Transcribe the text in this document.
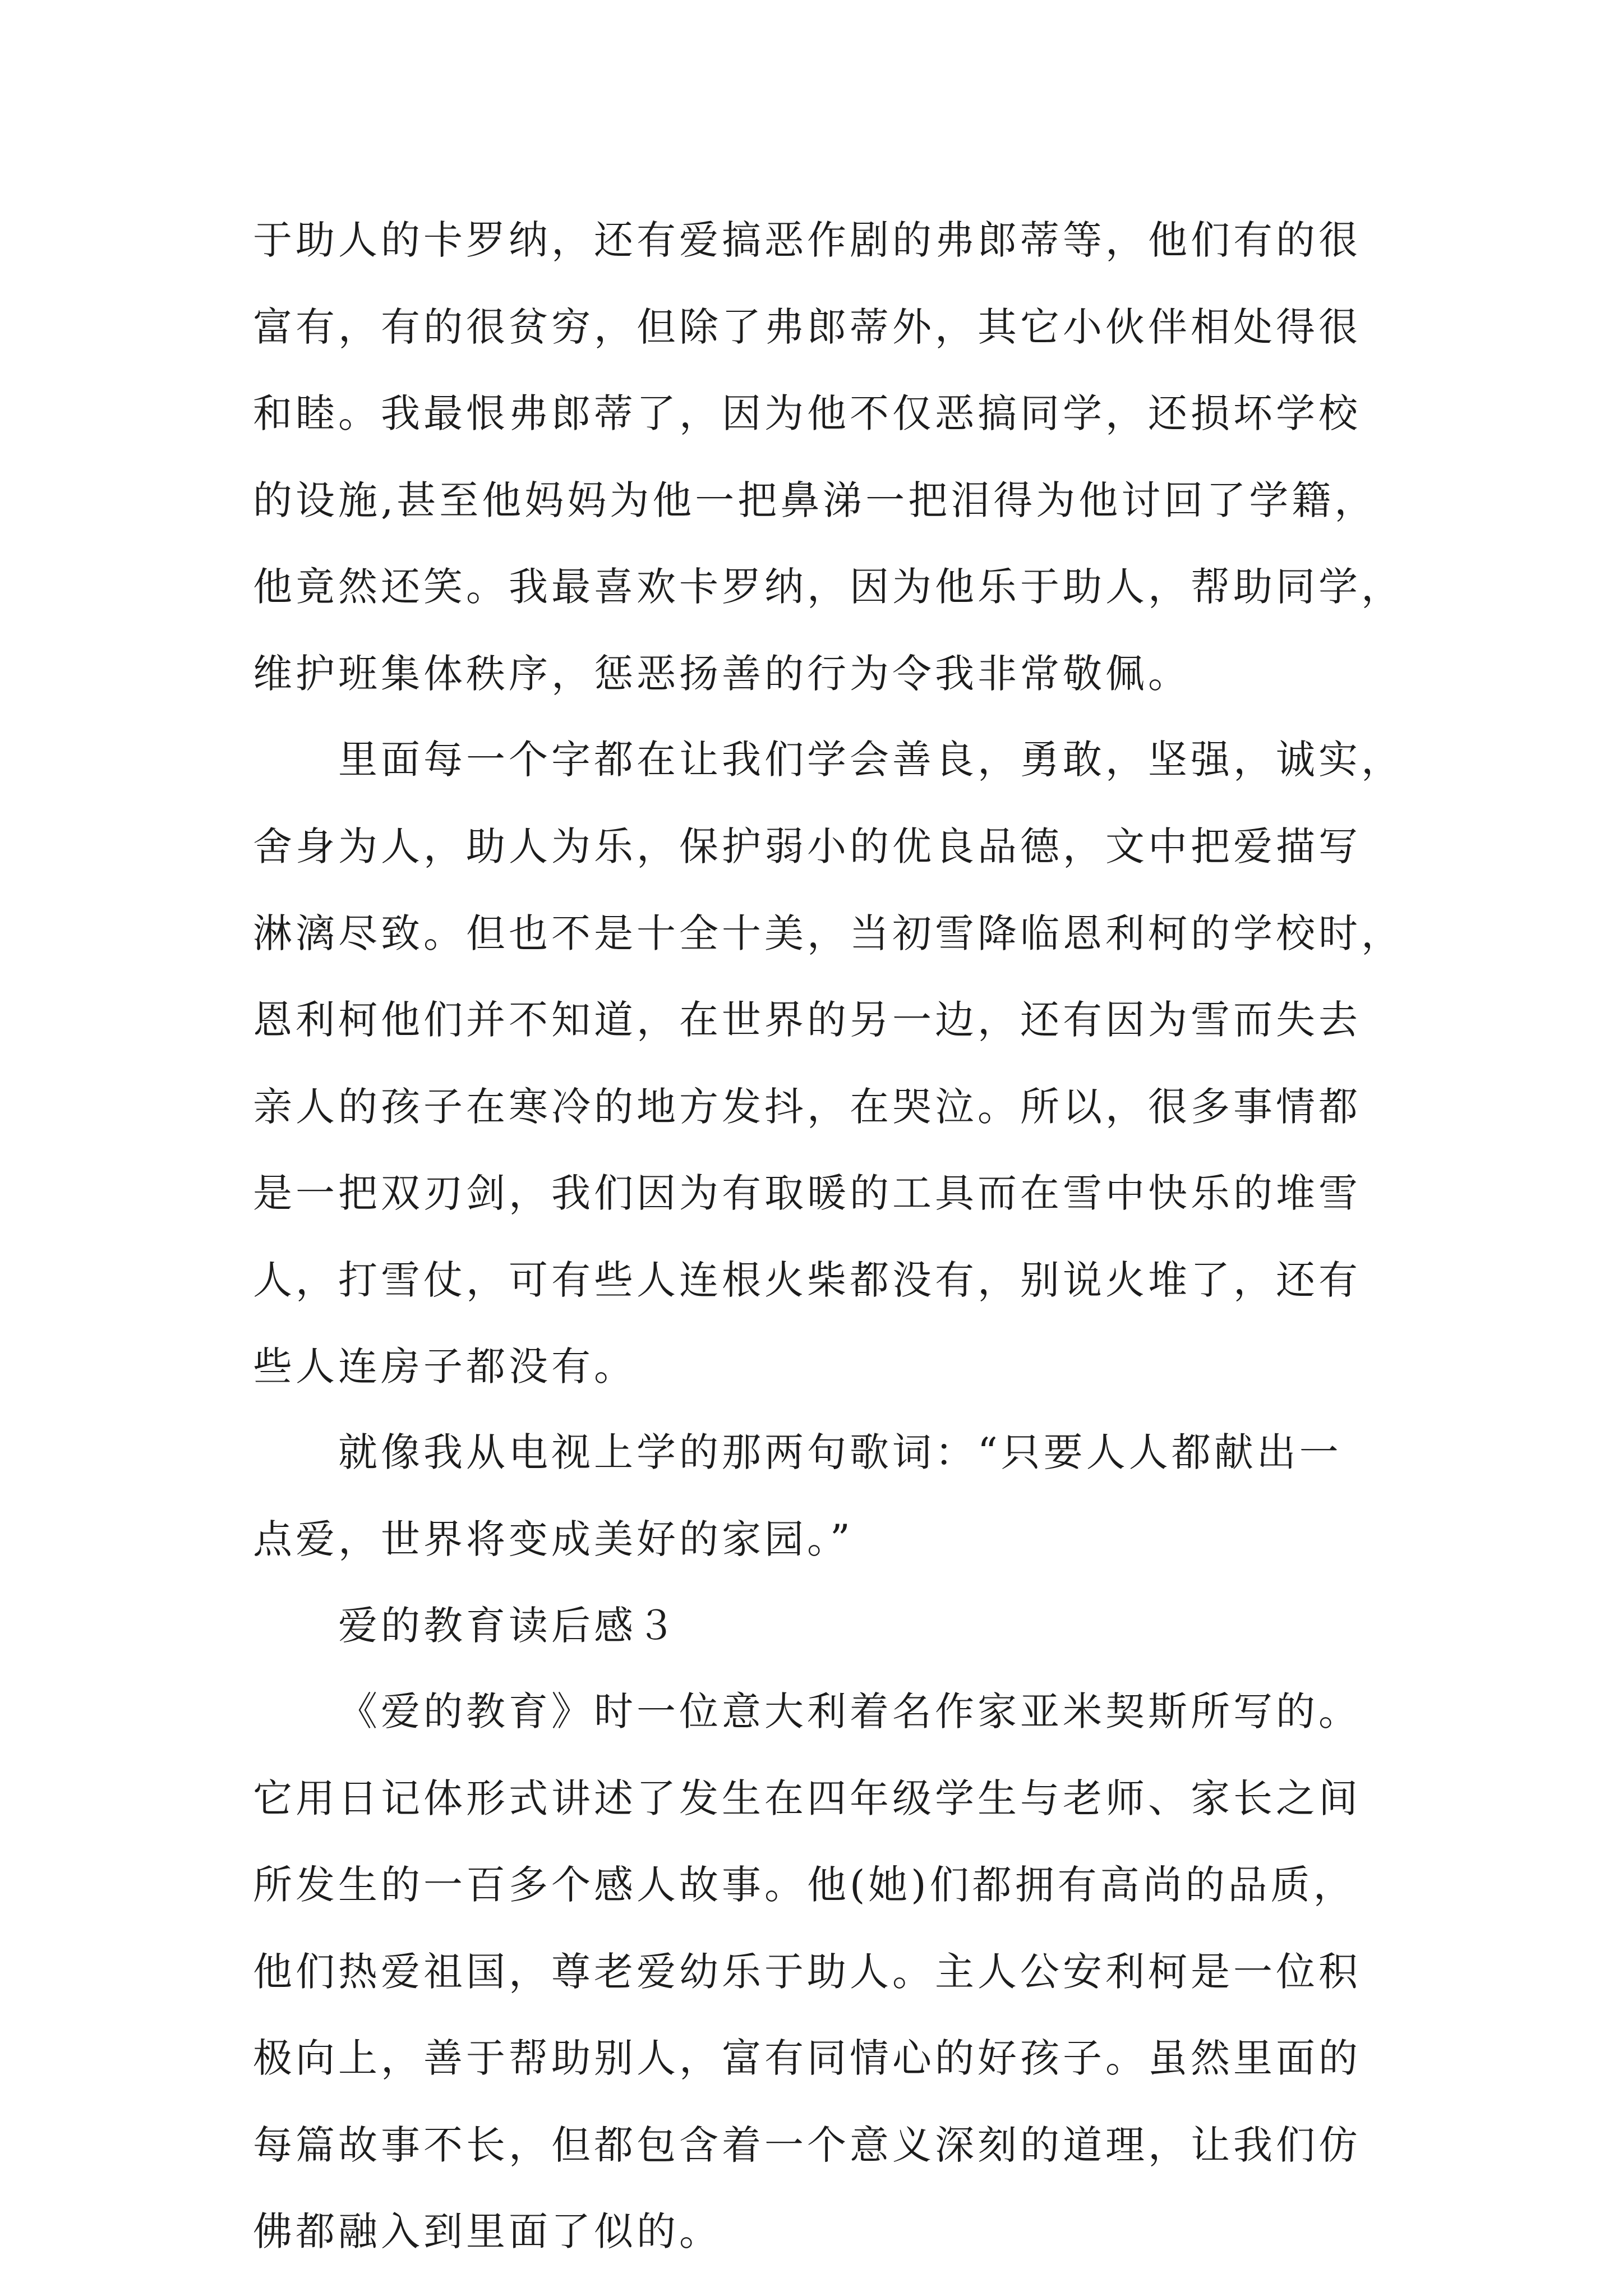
于助人的卡罗纳，还有爱搞恶作剧的弗郎蒂等，他们有的很
富有，有的很贫穷，但除了弗郎蒂外，其它小伙伴相处得很
和睦。我最恨弗郎蒂了，因为他不仅恶搞同学，还损坏学校
的设施,甚至他妈妈为他一把鼻涕一把泪得为他讨回了学籍，
他竟然还笑。我最喜欢卡罗纳，因为他乐于助人，帮助同学，
维护班集体秩序，惩恶扬善的行为令我非常敬佩。
里面每一个字都在让我们学会善良，勇敢，坚强，诚实，
舍身为人，助人为乐，保护弱小的优良品德，文中把爱描写
淋漓尽致。但也不是十全十美，当初雪降临恩利柯的学校时，
恩利柯他们并不知道，在世界的另一边，还有因为雪而失去
亲人的孩子在寒冷的地方发抖，在哭泣。所以，很多事情都
是一把双刃剑，我们因为有取暖的工具而在雪中快乐的堆雪
人，打雪仗，可有些人连根火柴都没有，别说火堆了，还有
些人连房子都没有。
就像我从电视上学的那两句歌词：“只要人人都献出一
点爱，世界将变成美好的家园。”
爱的教育读后感３
《爱的教育》时一位意大利着名作家亚米契斯所写的。
它用日记体形式讲述了发生在四年级学生与老师、家长之间
所发生的一百多个感人故事。他(她)们都拥有高尚的品质，
他们热爱祖国，尊老爱幼乐于助人。主人公安利柯是一位积
极向上，善于帮助别人，富有同情心的好孩子。虽然里面的
每篇故事不长，但都包含着一个意义深刻的道理，让我们仿
佛都融入到里面了似的。
